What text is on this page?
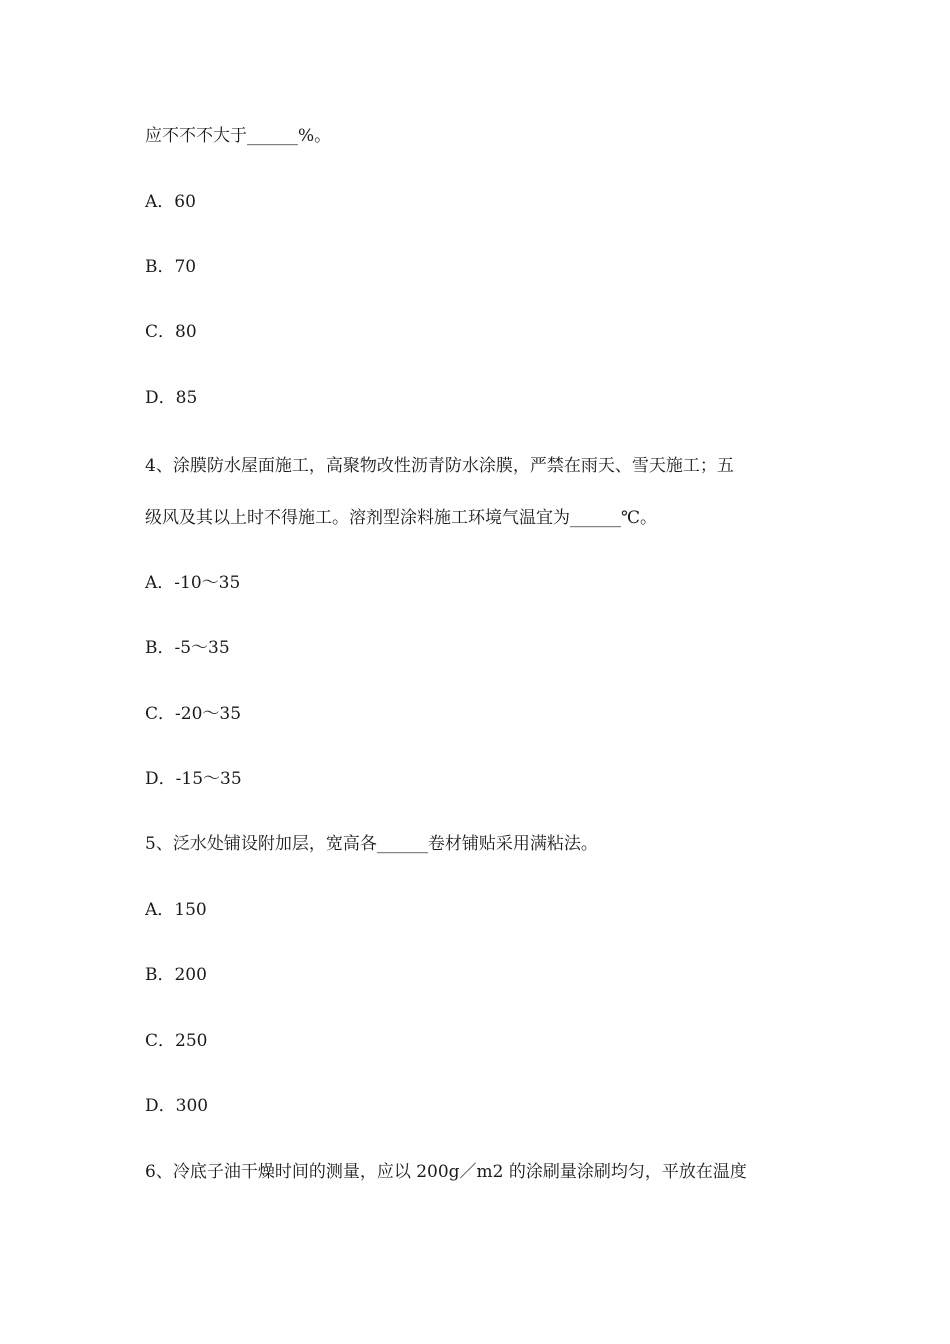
应不不不大于______%。
A．60
B．70
C．80
D．85
4、涂膜防水屋面施工，高聚物改性沥青防水涂膜，严禁在雨天、雪天施工；五
级风及其以上时不得施工。溶剂型涂料施工环境气温宜为______℃。
A．-10～35
B．-5～35
C．-20～35
D．-15～35
5、泛水处铺设附加层，宽高各______卷材铺贴采用满粘法。
A．150
B．200
C．250
D．300
6、冷底子油干燥时间的测量，应以 200g／m2 的涂刷量涂刷均匀，平放在温度
